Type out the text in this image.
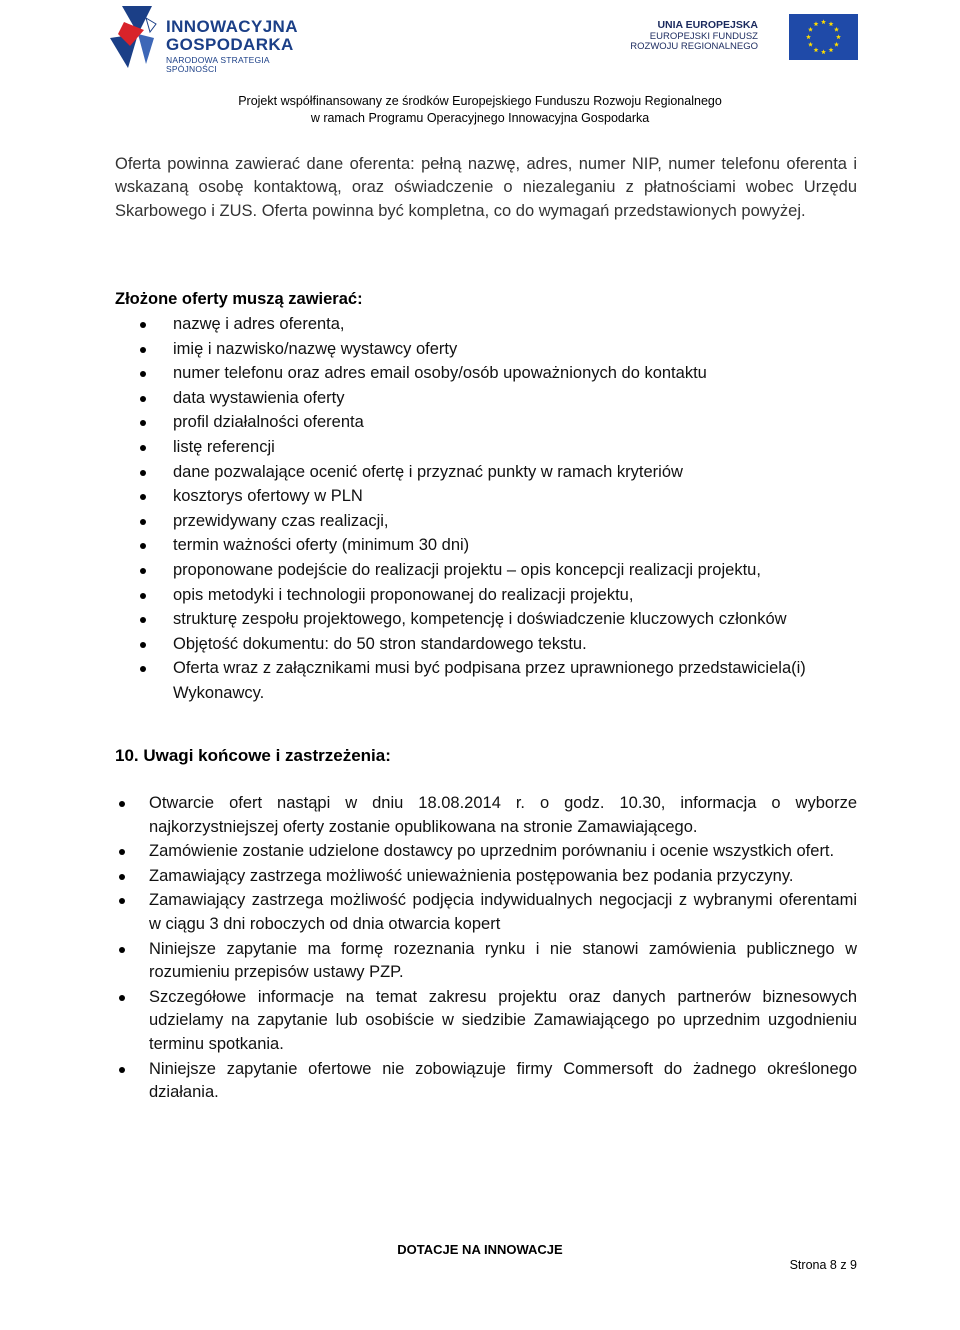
INNOWACYJNA
GOSPODARKA
NARODOWA STRATEGIA SPÓJNOŚCI
UNIA EUROPEJSKA
EUROPEJSKI FUNDUSZ
ROZWOJU REGIONALNEGO
Projekt współfinansowany ze środków Europejskiego Funduszu Rozwoju Regionalnego
w ramach Programu Operacyjnego Innowacyjna Gospodarka
Oferta powinna zawierać dane oferenta: pełną nazwę, adres, numer NIP, numer telefonu oferenta i wskazaną osobę kontaktową, oraz oświadczenie o niezaleganiu z płatnościami wobec Urzędu Skarbowego i ZUS. Oferta powinna być kompletna, co do wymagań przedstawionych powyżej.
Złożone oferty muszą zawierać:
nazwę i adres oferenta,
imię i nazwisko/nazwę wystawcy oferty
numer telefonu oraz adres email osoby/osób upoważnionych do kontaktu
data wystawienia oferty
profil działalności oferenta
listę referencji
dane pozwalające ocenić ofertę i przyznać punkty w ramach kryteriów
kosztorys ofertowy w PLN
przewidywany czas realizacji,
termin ważności oferty (minimum 30 dni)
proponowane podejście do realizacji projektu – opis koncepcji realizacji projektu,
opis metodyki i technologii proponowanej do realizacji projektu,
strukturę zespołu projektowego, kompetencję i doświadczenie kluczowych członków
Objętość dokumentu: do 50 stron standardowego tekstu.
Oferta wraz z załącznikami musi być podpisana przez uprawnionego przedstawiciela(i) Wykonawcy.
10. Uwagi końcowe i zastrzeżenia:
Otwarcie ofert nastąpi w dniu 18.08.2014 r. o godz. 10.30, informacja o wyborze najkorzystniejszej oferty zostanie opublikowana na stronie Zamawiającego.
Zamówienie zostanie udzielone dostawcy po uprzednim porównaniu i ocenie wszystkich ofert.
Zamawiający zastrzega możliwość unieważnienia postępowania bez podania przyczyny.
Zamawiający zastrzega możliwość podjęcia indywidualnych negocjacji z wybranymi oferentami w ciągu 3 dni roboczych od dnia otwarcia kopert
Niniejsze zapytanie ma formę rozeznania rynku i nie stanowi zamówienia publicznego w rozumieniu przepisów ustawy PZP.
Szczegółowe informacje na temat zakresu projektu oraz danych partnerów biznesowych udzielamy na zapytanie lub osobiście w siedzibie Zamawiającego po uprzednim uzgodnieniu terminu spotkania.
Niniejsze zapytanie ofertowe nie zobowiązuje firmy Commersoft do żadnego określonego działania.
DOTACJE NA INNOWACJE
Strona 8 z 9
